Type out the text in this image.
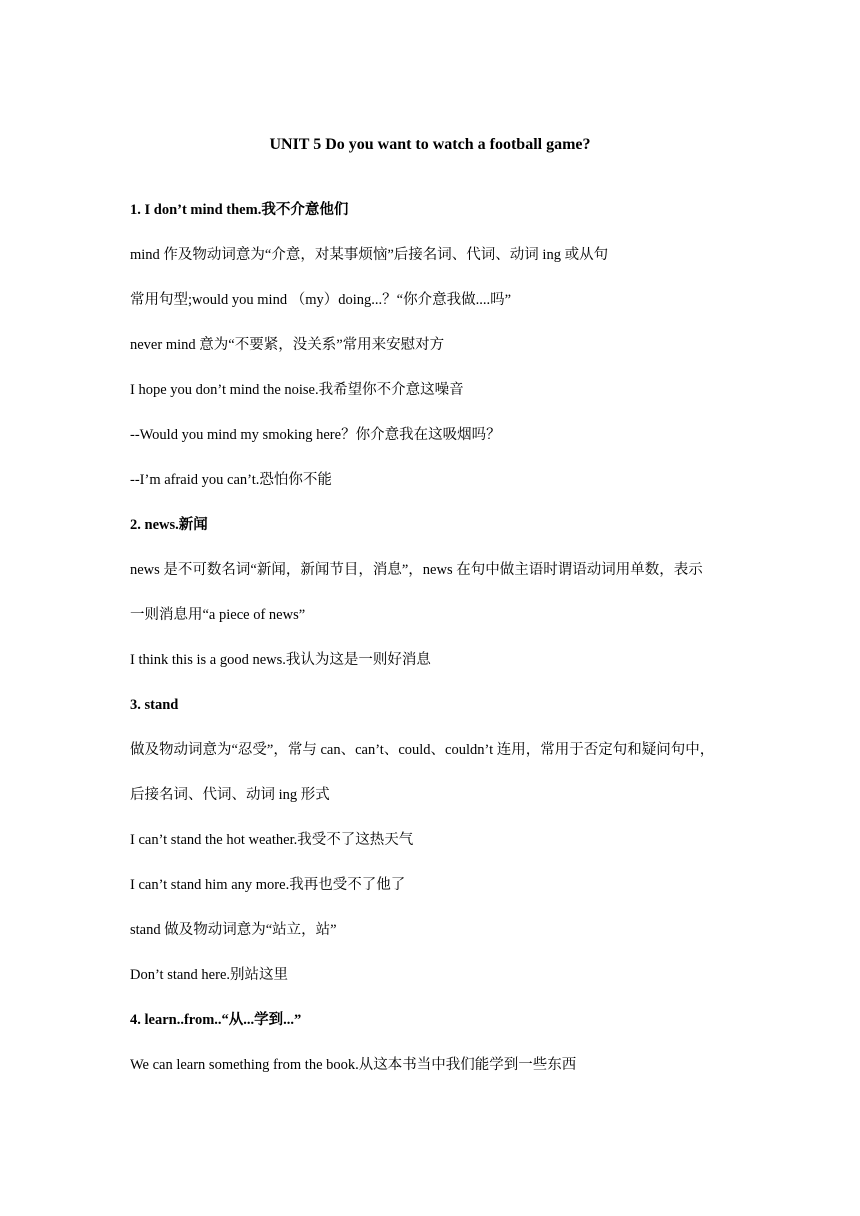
UNIT 5 Do you want to watch a football game?
1. I don’t mind them.我不介意他们
mind 作及物动词意为“介意，对某事烦恼”后接名词、代词、动词 ing 或从句
常用句型;would you mind （my）doing...？“你介意我做....吗”
never mind 意为“不要紧，没关系”常用来安慰对方
I hope you don’t mind the noise.我希望你不介意这噪音
--Would you mind my smoking here？你介意我在这吸烟吗？
--I’m afraid you can’t.恐怕你不能
2. news.新闻
news 是不可数名词“新闻，新闻节目，消息”，news 在句中做主语时谓语动词用单数，表示
一则消息用“a piece of news”
I think this is a good news.我认为这是一则好消息
3. stand
做及物动词意为“忍受”，常与 can、can’t、could、couldn’t 连用，常用于否定句和疑问句中，
后接名词、代词、动词 ing 形式
I can’t stand the hot weather.我受不了这热天气
I can’t stand him any more.我再也受不了他了
stand 做及物动词意为“站立，站”
Don’t stand here.别站这里
4. learn..from..“从...学到...”
We can learn something from the book.从这本书当中我们能学到一些东西
